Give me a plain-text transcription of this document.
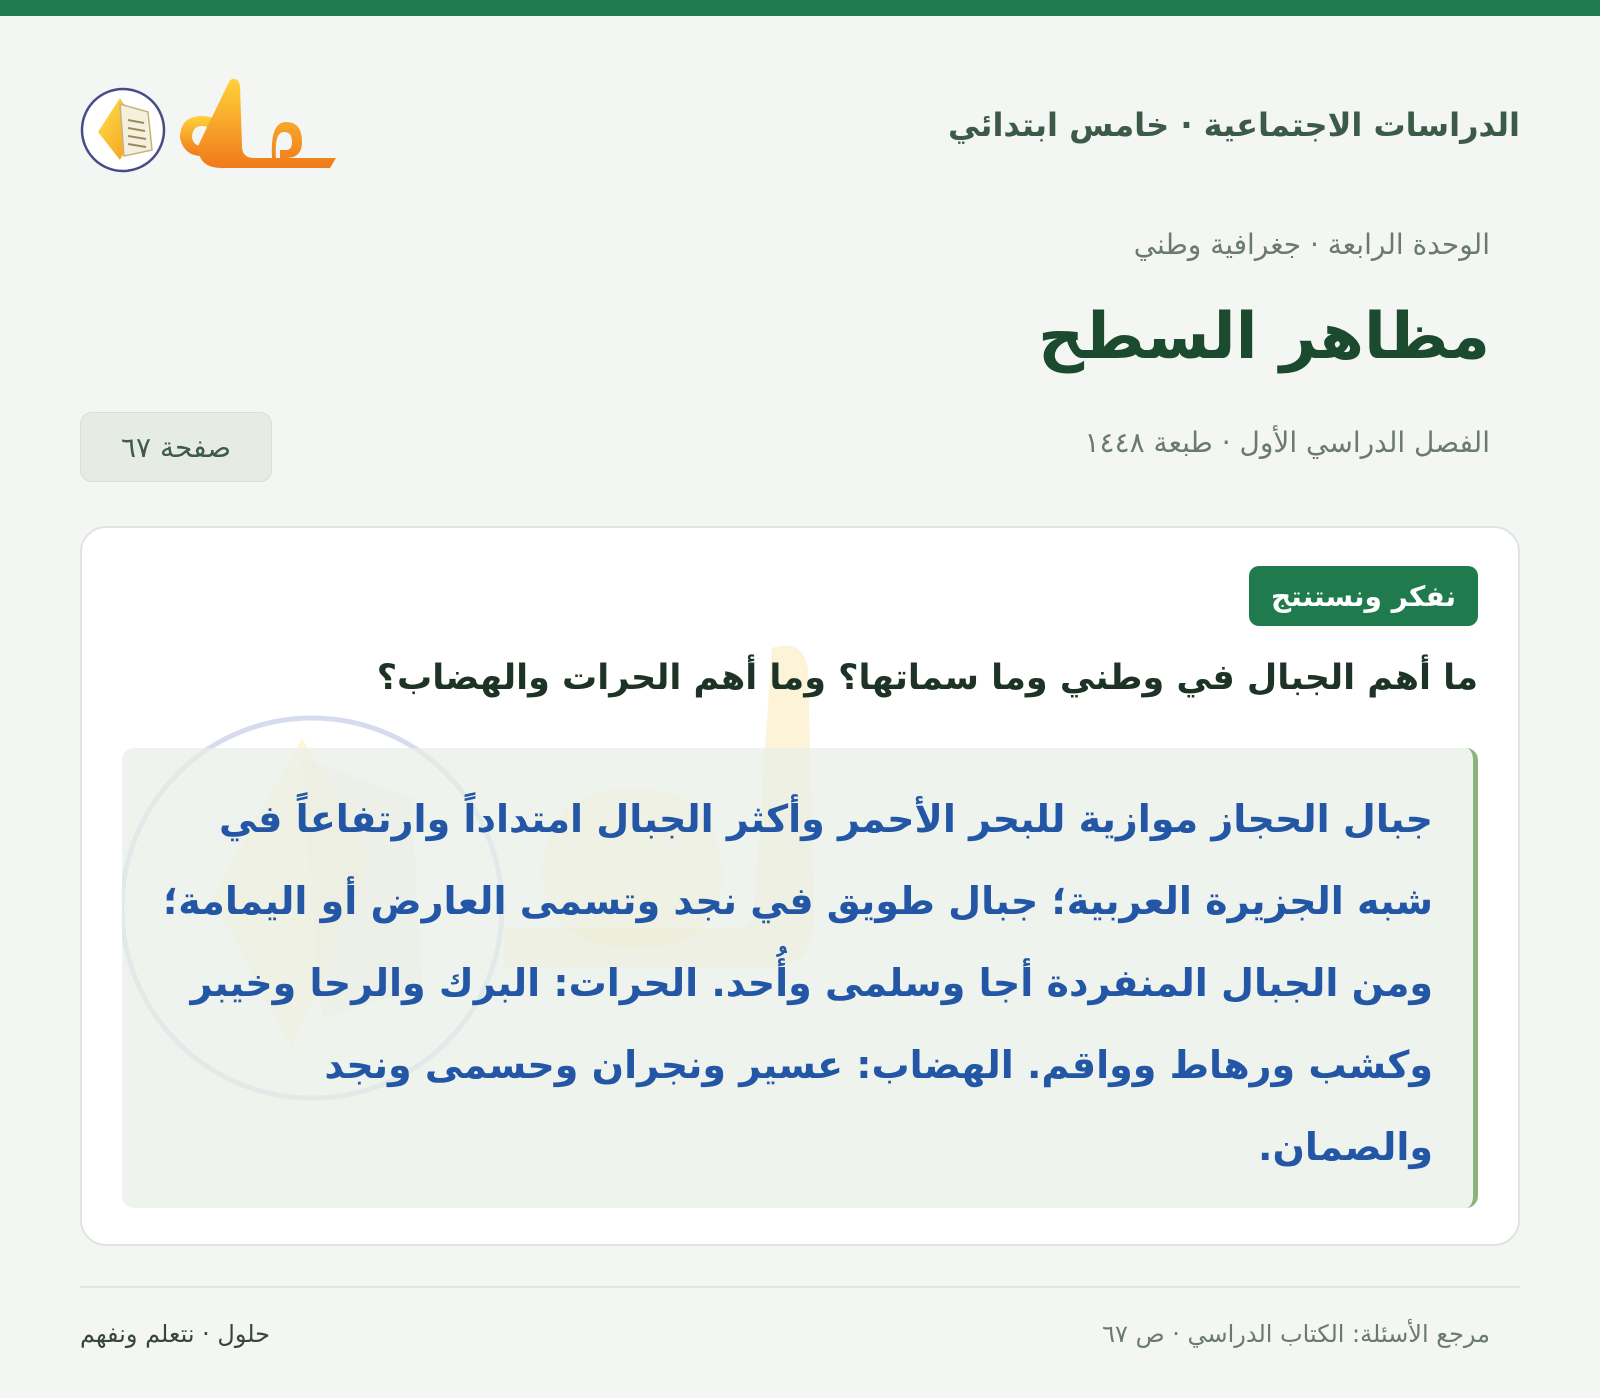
الدراسات الاجتماعية · خامس ابتدائي
الوحدة الرابعة · جغرافية وطني
مظاهر السطح
الفصل الدراسي الأول · طبعة ١٤٤٨
صفحة ٦٧
نفكر ونستنتج
ما أهم الجبال في وطني وما سماتها؟ وما أهم الحرات والهضاب؟

جبال الحجاز موازية للبحر الأحمر وأكثر الجبال امتداداً وارتفاعاً في شبه الجزيرة العربية؛ جبال طويق في نجد وتسمى العارض أو اليمامة؛ ومن الجبال المنفردة أجا وسلمى وأُحد. الحرات: البرك والرحا وخيبر وكشب ورهاط وواقم. الهضاب: عسير ونجران وحسمى ونجد والصمان.

مرجع الأسئلة: الكتاب الدراسي · ص ٦٧
حلول · نتعلم ونفهم
